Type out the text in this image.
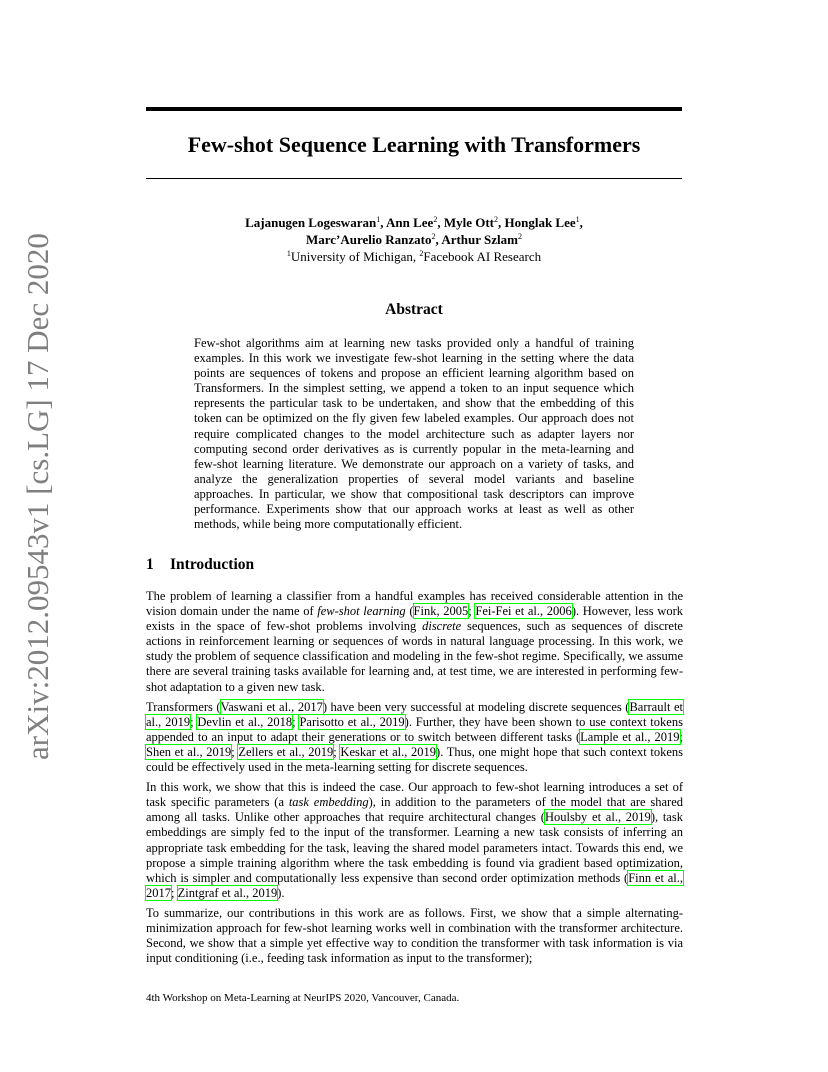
arXiv:2012.09543v1 [cs.LG] 17 Dec 2020
Few-shot Sequence Learning with Transformers
Lajanugen Logeswaran$^1$, Ann Lee$^2$, Myle Ott$^2$, Honglak Lee$^1$,
Marc’Aurelio Ranzato$^2$, Arthur Szlam$^2$
$^1$University of Michigan, $^2$Facebook AI Research
Abstract
Few-shot algorithms aim at learning new tasks provided only a handful of training examples. In this work we investigate few-shot learning in the setting where the data points are sequences of tokens and propose an efficient learning algorithm based on Transformers. In the simplest setting, we append a token to an input sequence which represents the particular task to be undertaken, and show that the embedding of this token can be optimized on the fly given few labeled examples. Our approach does not require complicated changes to the model architecture such as adapter layers nor computing second order derivatives as is currently popular in the meta-learning and few-shot learning literature. We demonstrate our approach on a variety of tasks, and analyze the generalization properties of several model variants and baseline approaches. In particular, we show that compositional task descriptors can improve performance. Experiments show that our approach works at least as well as other methods, while being more computationally efficient.
1 Introduction

The problem of learning a classifier from a handful examples has received considerable attention in the vision domain under the name of few-shot learning (Fink, 2005; Fei-Fei et al., 2006). However, less work exists in the space of few-shot problems involving discrete sequences, such as sequences of discrete actions in reinforcement learning or sequences of words in natural language processing. In this work, we study the problem of sequence classification and modeling in the few-shot regime. Specifically, we assume there are several training tasks available for learning and, at test time, we are interested in performing few-shot adaptation to a given new task.

Transformers (Vaswani et al., 2017) have been very successful at modeling discrete sequences (Barrault et al., 2019; Devlin et al., 2018; Parisotto et al., 2019). Further, they have been shown to use context tokens appended to an input to adapt their generations or to switch between different tasks (Lample et al., 2019; Shen et al., 2019; Zellers et al., 2019; Keskar et al., 2019). Thus, one might hope that such context tokens could be effectively used in the meta-learning setting for discrete sequences.

In this work, we show that this is indeed the case. Our approach to few-shot learning introduces a set of task specific parameters (a task embedding), in addition to the parameters of the model that are shared among all tasks. Unlike other approaches that require architectural changes (Houlsby et al., 2019), task embeddings are simply fed to the input of the transformer. Learning a new task consists of inferring an appropriate task embedding for the task, leaving the shared model parameters intact. Towards this end, we propose a simple training algorithm where the task embedding is found via gradient based optimization, which is simpler and computationally less expensive than second order optimization methods (Finn et al., 2017; Zintgraf et al., 2019).

To summarize, our contributions in this work are as follows. First, we show that a simple alternating-minimization approach for few-shot learning works well in combination with the transformer architecture. Second, we show that a simple yet effective way to condition the transformer with task information is via input conditioning (i.e., feeding task information as input to the transformer);

4th Workshop on Meta-Learning at NeurIPS 2020, Vancouver, Canada.
